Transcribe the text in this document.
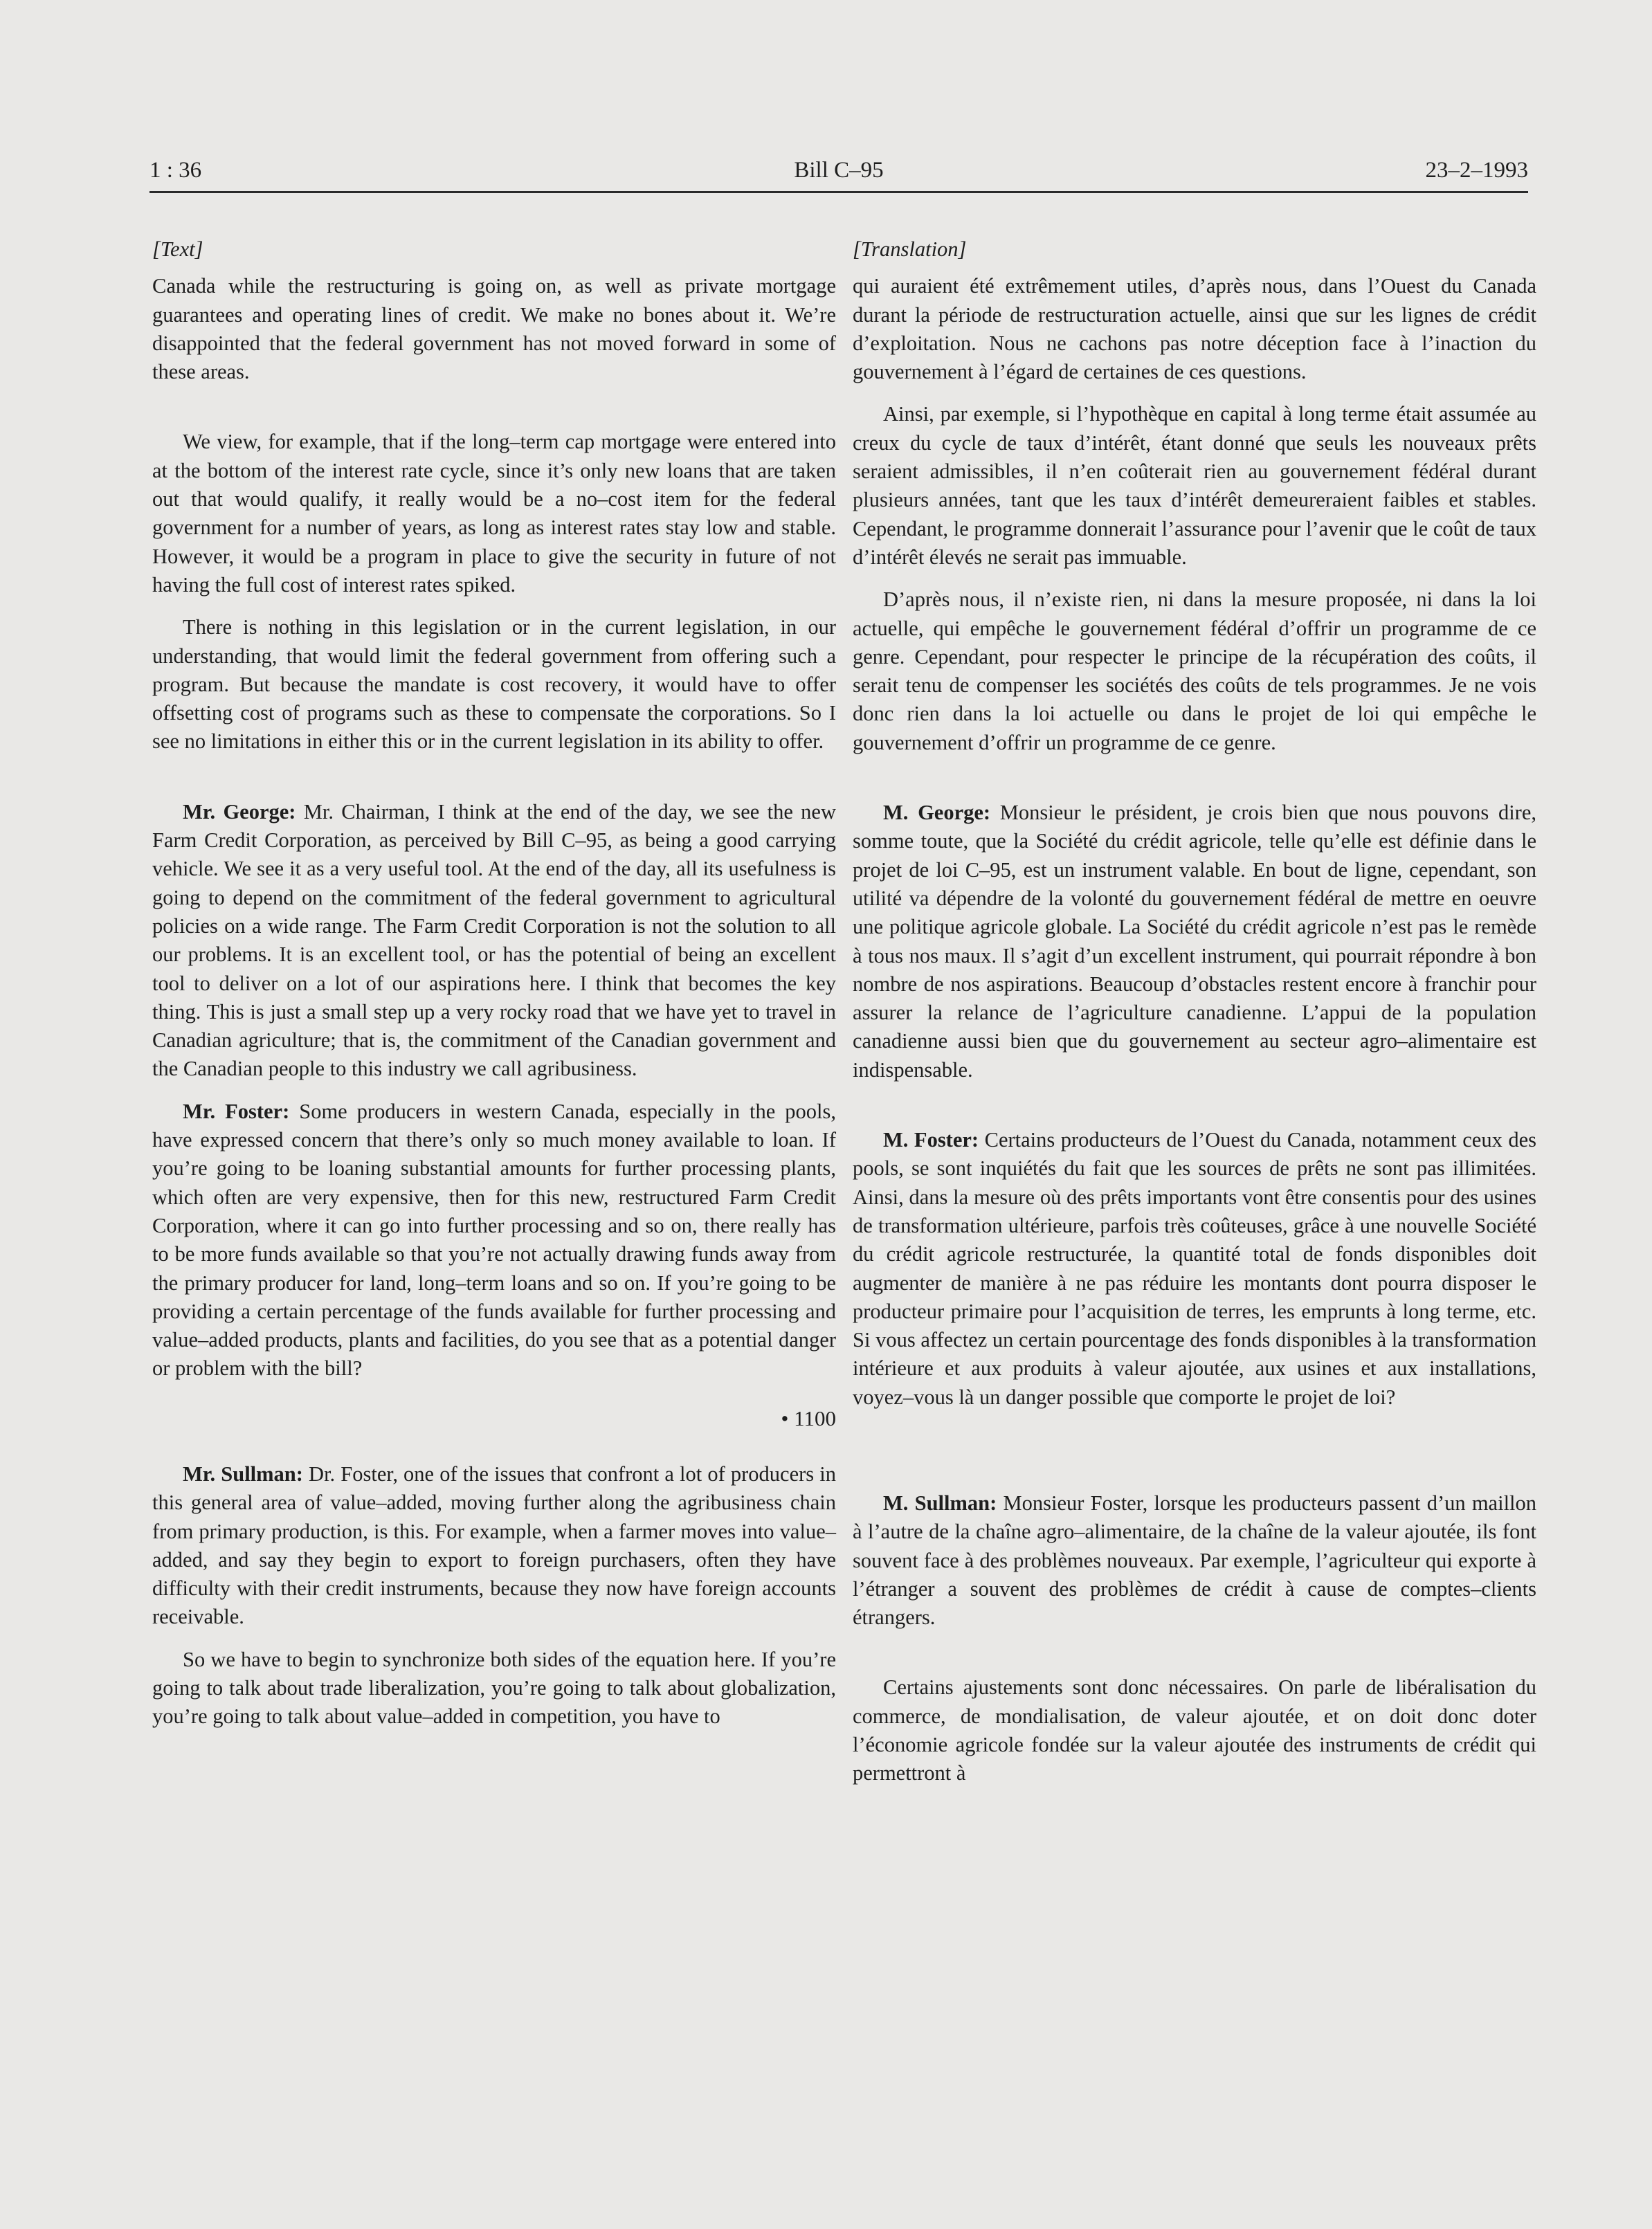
1 : 36	Bill C–95	23–2–1993
[Text]

Canada while the restructuring is going on, as well as private mortgage guarantees and operating lines of credit. We make no bones about it. We’re disappointed that the federal government has not moved forward in some of these areas.

We view, for example, that if the long–term cap mortgage were entered into at the bottom of the interest rate cycle, since it’s only new loans that are taken out that would qualify, it really would be a no–cost item for the federal government for a number of years, as long as interest rates stay low and stable. However, it would be a program in place to give the security in future of not having the full cost of interest rates spiked.

There is nothing in this legislation or in the current legislation, in our understanding, that would limit the federal government from offering such a program. But because the mandate is cost recovery, it would have to offer offsetting cost of programs such as these to compensate the corporations. So I see no limitations in either this or in the current legislation in its ability to offer.

Mr. George: Mr. Chairman, I think at the end of the day, we see the new Farm Credit Corporation, as perceived by Bill C–95, as being a good carrying vehicle. We see it as a very useful tool. At the end of the day, all its usefulness is going to depend on the commitment of the federal government to agricultural policies on a wide range. The Farm Credit Corporation is not the solution to all our problems. It is an excellent tool, or has the potential of being an excellent tool to deliver on a lot of our aspirations here. I think that becomes the key thing. This is just a small step up a very rocky road that we have yet to travel in Canadian agriculture; that is, the commitment of the Canadian government and the Canadian people to this industry we call agribusiness.

Mr. Foster: Some producers in western Canada, especially in the pools, have expressed concern that there’s only so much money available to loan. If you’re going to be loaning substantial amounts for further processing plants, which often are very expensive, then for this new, restructured Farm Credit Corporation, where it can go into further processing and so on, there really has to be more funds available so that you’re not actually drawing funds away from the primary producer for land, long–term loans and so on. If you’re going to be providing a certain percentage of the funds available for further processing and value–added products, plants and facilities, do you see that as a potential danger or problem with the bill?

• 1100

Mr. Sullman: Dr. Foster, one of the issues that confront a lot of producers in this general area of value–added, moving further along the agribusiness chain from primary production, is this. For example, when a farmer moves into value–added, and say they begin to export to foreign purchasers, often they have difficulty with their credit instruments, because they now have foreign accounts receivable.

So we have to begin to synchronize both sides of the equation here. If you’re going to talk about trade liberalization, you’re going to talk about globalization, you’re going to talk about value–added in competition, you have to

[Translation]

qui auraient été extrêmement utiles, d’après nous, dans l’Ouest du Canada durant la période de restructuration actuelle, ainsi que sur les lignes de crédit d’exploitation. Nous ne cachons pas notre déception face à l’inaction du gouvernement à l’égard de certaines de ces questions.

Ainsi, par exemple, si l’hypothèque en capital à long terme était assumée au creux du cycle de taux d’intérêt, étant donné que seuls les nouveaux prêts seraient admissibles, il n’en coûterait rien au gouvernement fédéral durant plusieurs années, tant que les taux d’intérêt demeureraient faibles et stables. Cependant, le programme donnerait l’assurance pour l’avenir que le coût de taux d’intérêt élevés ne serait pas immuable.

D’après nous, il n’existe rien, ni dans la mesure proposée, ni dans la loi actuelle, qui empêche le gouvernement fédéral d’offrir un programme de ce genre. Cependant, pour respecter le principe de la récupération des coûts, il serait tenu de compenser les sociétés des coûts de tels programmes. Je ne vois donc rien dans la loi actuelle ou dans le projet de loi qui empêche le gouvernement d’offrir un programme de ce genre.

M. George: Monsieur le président, je crois bien que nous pouvons dire, somme toute, que la Société du crédit agricole, telle qu’elle est définie dans le projet de loi C–95, est un instrument valable. En bout de ligne, cependant, son utilité va dépendre de la volonté du gouvernement fédéral de mettre en oeuvre une politique agricole globale. La Société du crédit agricole n’est pas le remède à tous nos maux. Il s’agit d’un excellent instrument, qui pourrait répondre à bon nombre de nos aspirations. Beaucoup d’obstacles restent encore à franchir pour assurer la relance de l’agriculture canadienne. L’appui de la population canadienne aussi bien que du gouvernement au secteur agro–alimentaire est indispensable.

M. Foster: Certains producteurs de l’Ouest du Canada, notamment ceux des pools, se sont inquiétés du fait que les sources de prêts ne sont pas illimitées. Ainsi, dans la mesure où des prêts importants vont être consentis pour des usines de transformation ultérieure, parfois très coûteuses, grâce à une nouvelle Société du crédit agricole restructurée, la quantité total de fonds disponibles doit augmenter de manière à ne pas réduire les montants dont pourra disposer le producteur primaire pour l’acquisition de terres, les emprunts à long terme, etc. Si vous affectez un certain pourcentage des fonds disponibles à la transformation intérieure et aux produits à valeur ajoutée, aux usines et aux installations, voyez–vous là un danger possible que comporte le projet de loi?

M. Sullman: Monsieur Foster, lorsque les producteurs passent d’un maillon à l’autre de la chaîne agro–alimentaire, de la chaîne de la valeur ajoutée, ils font souvent face à des problèmes nouveaux. Par exemple, l’agriculteur qui exporte à l’étranger a souvent des problèmes de crédit à cause de comptes–clients étrangers.

Certains ajustements sont donc nécessaires. On parle de libéralisation du commerce, de mondialisation, de valeur ajoutée, et on doit donc doter l’économie agricole fondée sur la valeur ajoutée des instruments de crédit qui permettront à
